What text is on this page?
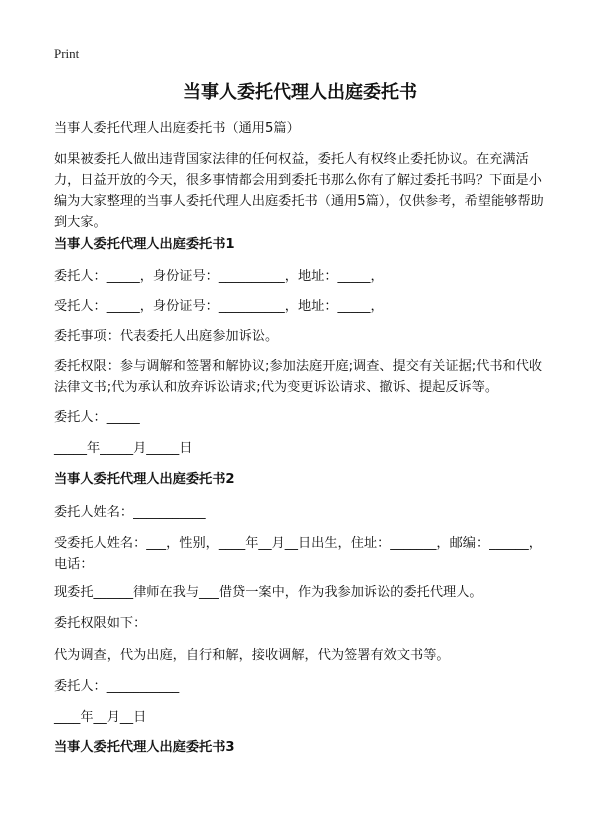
Print
当事人委托代理人出庭委托书
当事人委托代理人出庭委托书（通用5篇）
如果被委托人做出违背国家法律的任何权益，委托人有权终止委托协议。在充满活力，日益开放的今天，很多事情都会用到委托书那么你有了解过委托书吗？下面是小编为大家整理的当事人委托代理人出庭委托书（通用5篇），仅供参考，希望能够帮助到大家。
当事人委托代理人出庭委托书1
委托人：_____，身份证号：__________，地址：_____，
受托人：_____，身份证号：__________，地址：_____，
委托事项：代表委托人出庭参加诉讼。
委托权限：参与调解和签署和解协议;参加法庭开庭;调查、提交有关证据;代书和代收法律文书;代为承认和放弃诉讼请求;代为变更诉讼请求、撤诉、提起反诉等。
委托人：_____
_____年_____月_____日
当事人委托代理人出庭委托书2
委托人姓名：___________
受委托人姓名：___，性别，____年__月__日出生，住址：_______，邮编：______，电话：
现委托______律师在我与___借贷一案中，作为我参加诉讼的委托代理人。
委托权限如下：
代为调查，代为出庭，自行和解，接收调解，代为签署有效文书等。
委托人：___________
____年__月__日
当事人委托代理人出庭委托书3
